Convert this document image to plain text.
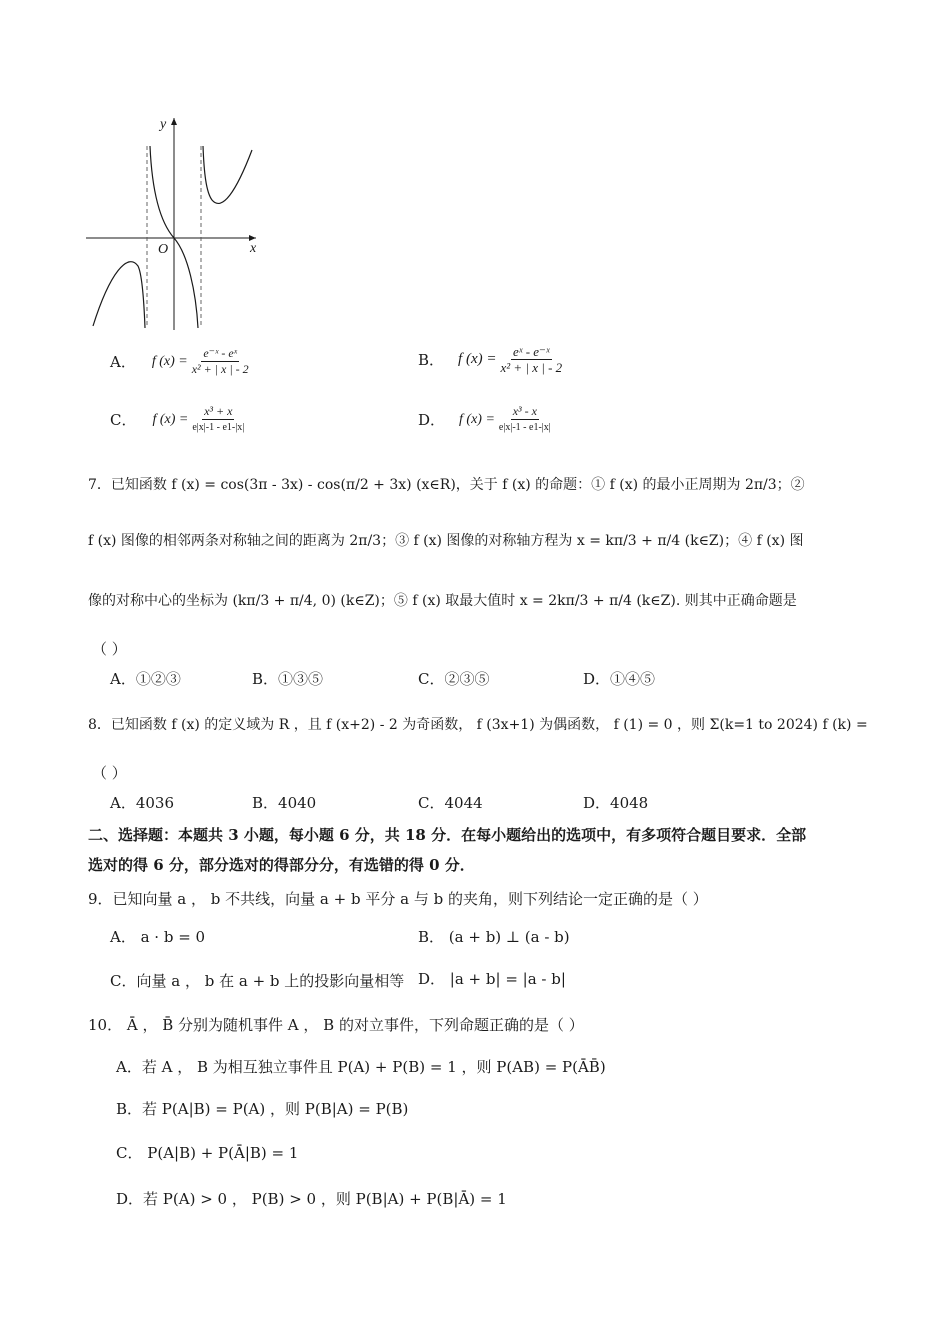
y
x
O
A． f $(x) = \frac{\text{e⁻ˣ - eˣ}}{\text{x² + | x | - 2}}$	B． f $(x) = \frac{\text{eˣ - e⁻ˣ}}{\text{x² + | x | - 2}}$
C． f $(x) = \frac{\text{x³ + x}}{e|x|-1 - e1-|x|}$	D． f $(x) = \frac{\text{x³ - x}}{e|x|-1 - e1-|x|}$
7．已知函数 f (x) = cos(3π - 3x) - cos(π/2 + 3x) (x∈R)，关于 f (x) 的命题：① f (x) 的最小正周期为 2π/3；②
f (x) 图像的相邻两条对称轴之间的距离为 2π/3；③ f (x) 图像的对称轴方程为 x = kπ/3 + π/4 (k∈Z)；④ f (x) 图
像的对称中心的坐标为 (kπ/3 + π/4, 0) (k∈Z)；⑤ f (x) 取最大值时 x = 2kπ/3 + π/4 (k∈Z). 则其中正确命题是
（ ）
A．①②③	B．①③⑤	C．②③⑤	D．①④⑤
8．已知函数 f (x) 的定义域为 R ，且 f (x+2) - 2 为奇函数， f (3x+1) 为偶函数， f (1) = 0 ，则 Σ(k=1 to 2024) f (k) =
（ ）
A．4036	B．4040	C．4044	D．4048
二、选择题：本题共 3 小题，每小题 6 分，共 18 分．在每小题给出的选项中，有多项符合题目要求．全部
选对的得 6 分，部分选对的得部分分，有选错的得 0 分．
9．已知向量 a ， b 不共线，向量 a + b 平分 a 与 b 的夹角，则下列结论一定正确的是（ ）
A． a · b = 0	B． (a + b) ⊥ (a - b)
C．向量 a ， b 在 a + b 上的投影向量相等 D． |a + b| = |a - b|
10． Ā ， B̄ 分别为随机事件 A ， B 的对立事件，下列命题正确的是（ ）
A．若 A ， B 为相互独立事件且 P(A) + P(B) = 1 ，则 P(AB) = P(ĀB̄)
B．若 P(A|B) = P(A) ，则 P(B|A) = P(B)
C． P(A|B) + P(Ā|B) = 1
D．若 P(A) > 0 ， P(B) > 0 ，则 P(B|A) + P(B|Ā) = 1
